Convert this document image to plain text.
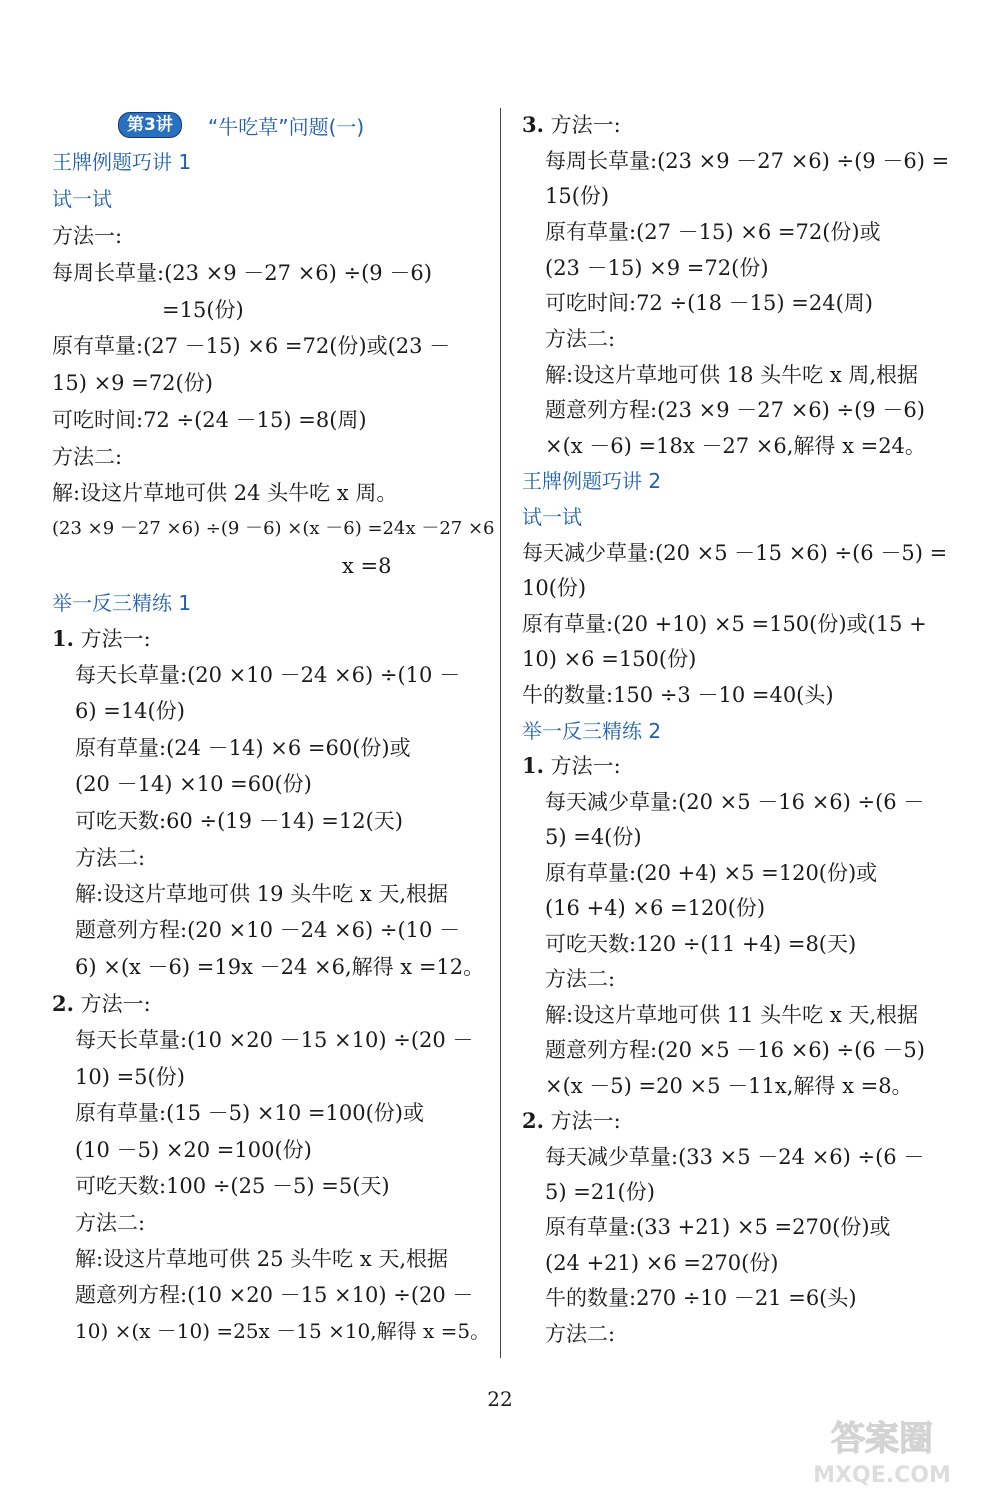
第3讲	“牛吃草”问题(一)
王牌例题巧讲 1
试一试
方法一:
每周长草量:(23 ×9 －27 ×6) ÷(9 －6)
=15(份)
原有草量:(27 －15) ×6 =72(份)或(23 －
15) ×9 =72(份)
可吃时间:72 ÷(24 －15) =8(周)
方法二:
解:设这片草地可供 24 头牛吃 x 周。
(23 ×9 －27 ×6) ÷(9 －6) ×(x －6) =24x －27 ×6
x =8
举一反三精练 1
1. 方法一:
每天长草量:(20 ×10 －24 ×6) ÷(10 －
6) =14(份)
原有草量:(24 －14) ×6 =60(份)或
(20 －14) ×10 =60(份)
可吃天数:60 ÷(19 －14) =12(天)
方法二:
解:设这片草地可供 19 头牛吃 x 天,根据
题意列方程:(20 ×10 －24 ×6) ÷(10 －
6) ×(x －6) =19x －24 ×6,解得 x =12。
2. 方法一:
每天长草量:(10 ×20 －15 ×10) ÷(20 －
10) =5(份)
原有草量:(15 －5) ×10 =100(份)或
(10 －5) ×20 =100(份)
可吃天数:100 ÷(25 －5) =5(天)
方法二:
解:设这片草地可供 25 头牛吃 x 天,根据
题意列方程:(10 ×20 －15 ×10) ÷(20 －
10) ×(x －10) =25x －15 ×10,解得 x =5。
3. 方法一:
每周长草量:(23 ×9 －27 ×6) ÷(9 －6) =
15(份)
原有草量:(27 －15) ×6 =72(份)或
(23 －15) ×9 =72(份)
可吃时间:72 ÷(18 －15) =24(周)
方法二:
解:设这片草地可供 18 头牛吃 x 周,根据
题意列方程:(23 ×9 －27 ×6) ÷(9 －6)
×(x －6) =18x －27 ×6,解得 x =24。
王牌例题巧讲 2
试一试
每天减少草量:(20 ×5 －15 ×6) ÷(6 －5) =
10(份)
原有草量:(20 +10) ×5 =150(份)或(15 +
10) ×6 =150(份)
牛的数量:150 ÷3 －10 =40(头)
举一反三精练 2
1. 方法一:
每天减少草量:(20 ×5 －16 ×6) ÷(6 －
5) =4(份)
原有草量:(20 +4) ×5 =120(份)或
(16 +4) ×6 =120(份)
可吃天数:120 ÷(11 +4) =8(天)
方法二:
解:设这片草地可供 11 头牛吃 x 天,根据
题意列方程:(20 ×5 －16 ×6) ÷(6 －5)
×(x －5) =20 ×5 －11x,解得 x =8。
2. 方法一:
每天减少草量:(33 ×5 －24 ×6) ÷(6 －
5) =21(份)
原有草量:(33 +21) ×5 =270(份)或
(24 +21) ×6 =270(份)
牛的数量:270 ÷10 －21 =6(头)
方法二:
22
答案圈
MXQE.COM
